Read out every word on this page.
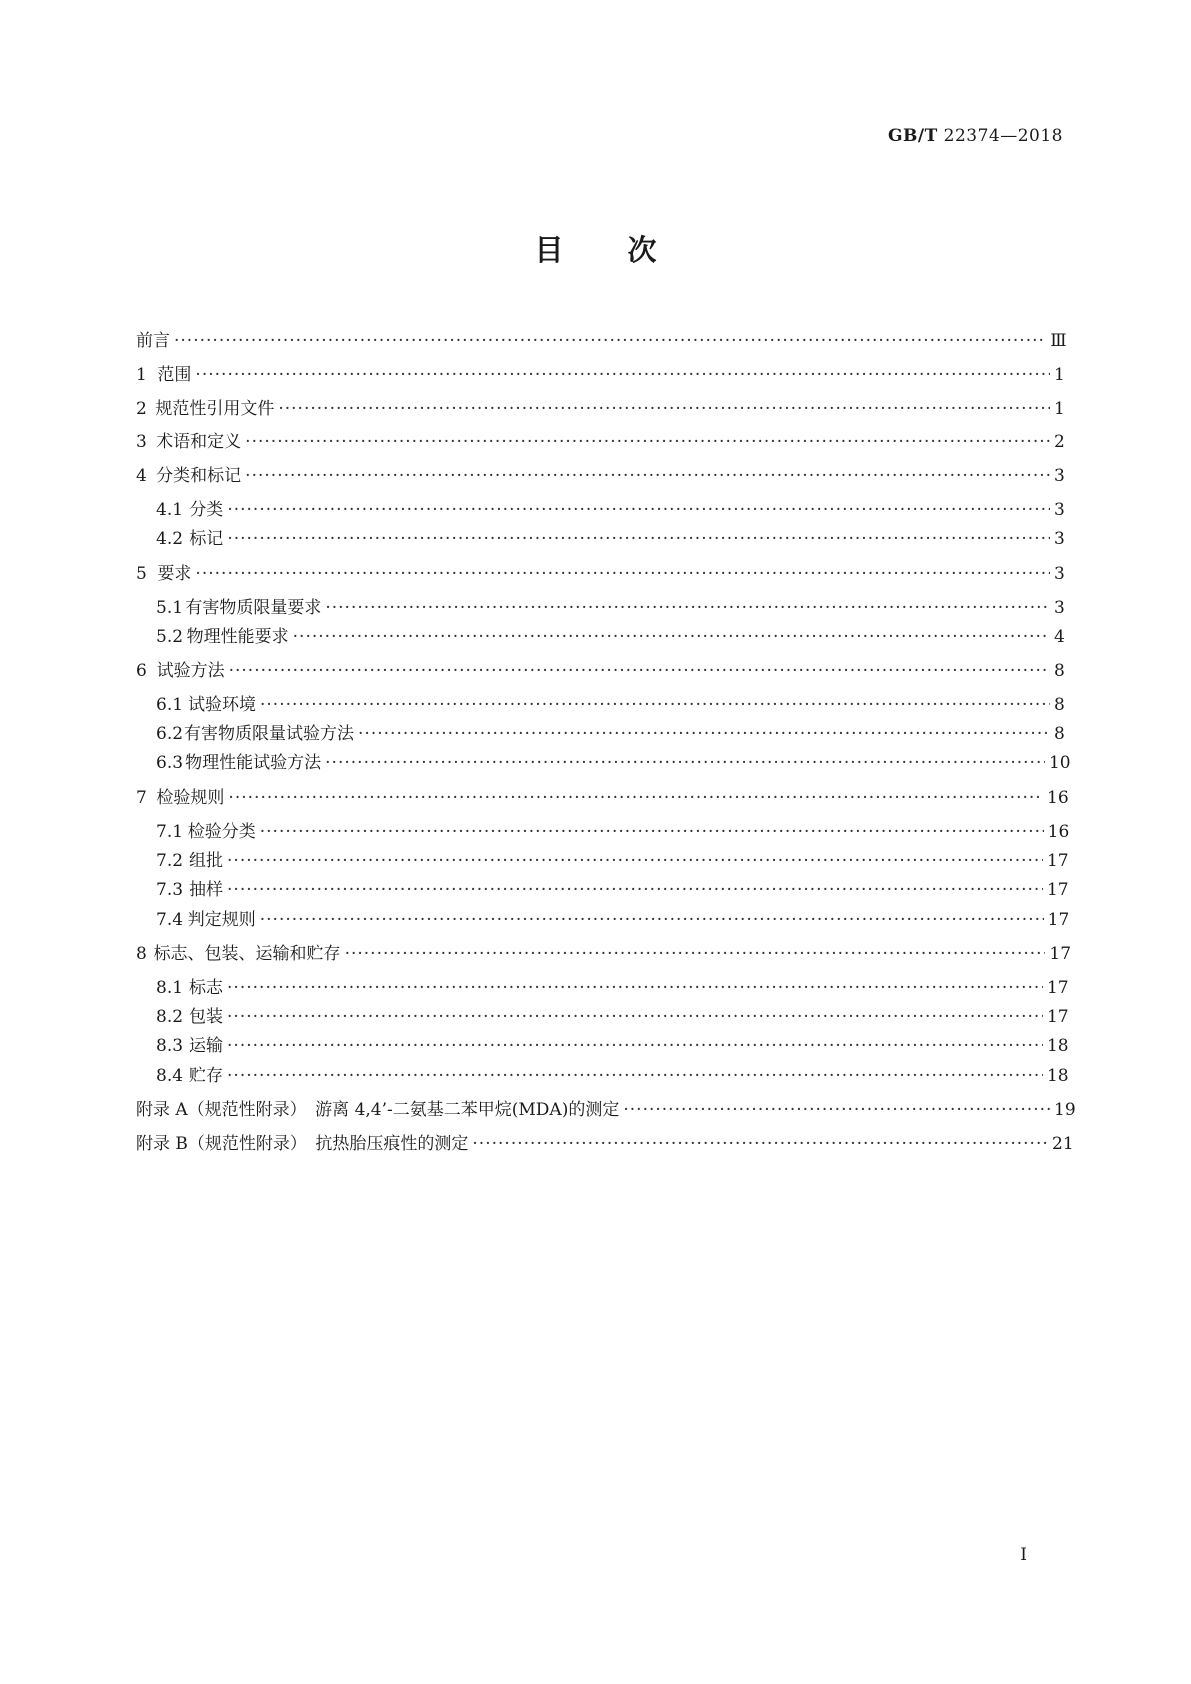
GB/T 22374—2018
目 次
前言 ·····	Ⅲ
1 范围 ·····	1
2 规范性引用文件 ·····	1
3 术语和定义 ·····	2
4 分类和标记 ·····	3
4.1 分类 ·····	3
4.2 标记 ·····	3
5 要求 ·····	3
5.1 有害物质限量要求 ·····	3
5.2 物理性能要求 ·····	4
6 试验方法 ·····	8
6.1 试验环境 ·····	8
6.2 有害物质限量试验方法 ·····	8
6.3 物理性能试验方法 ·····	10
7 检验规则 ·····	16
7.1 检验分类 ·····	16
7.2 组批 ·····	17
7.3 抽样 ·····	17
7.4 判定规则 ·····	17
8 标志、包装、运输和贮存 ·····	17
8.1 标志 ·····	17
8.2 包装 ·····	17
8.3 运输 ·····	18
8.4 贮存 ·····	18
附录 A（规范性附录）　游离 4,4’-二氨基二苯甲烷(MDA)的测定 ·····	19
附录 B（规范性附录）　抗热胎压痕性的测定 ·····	21
I
